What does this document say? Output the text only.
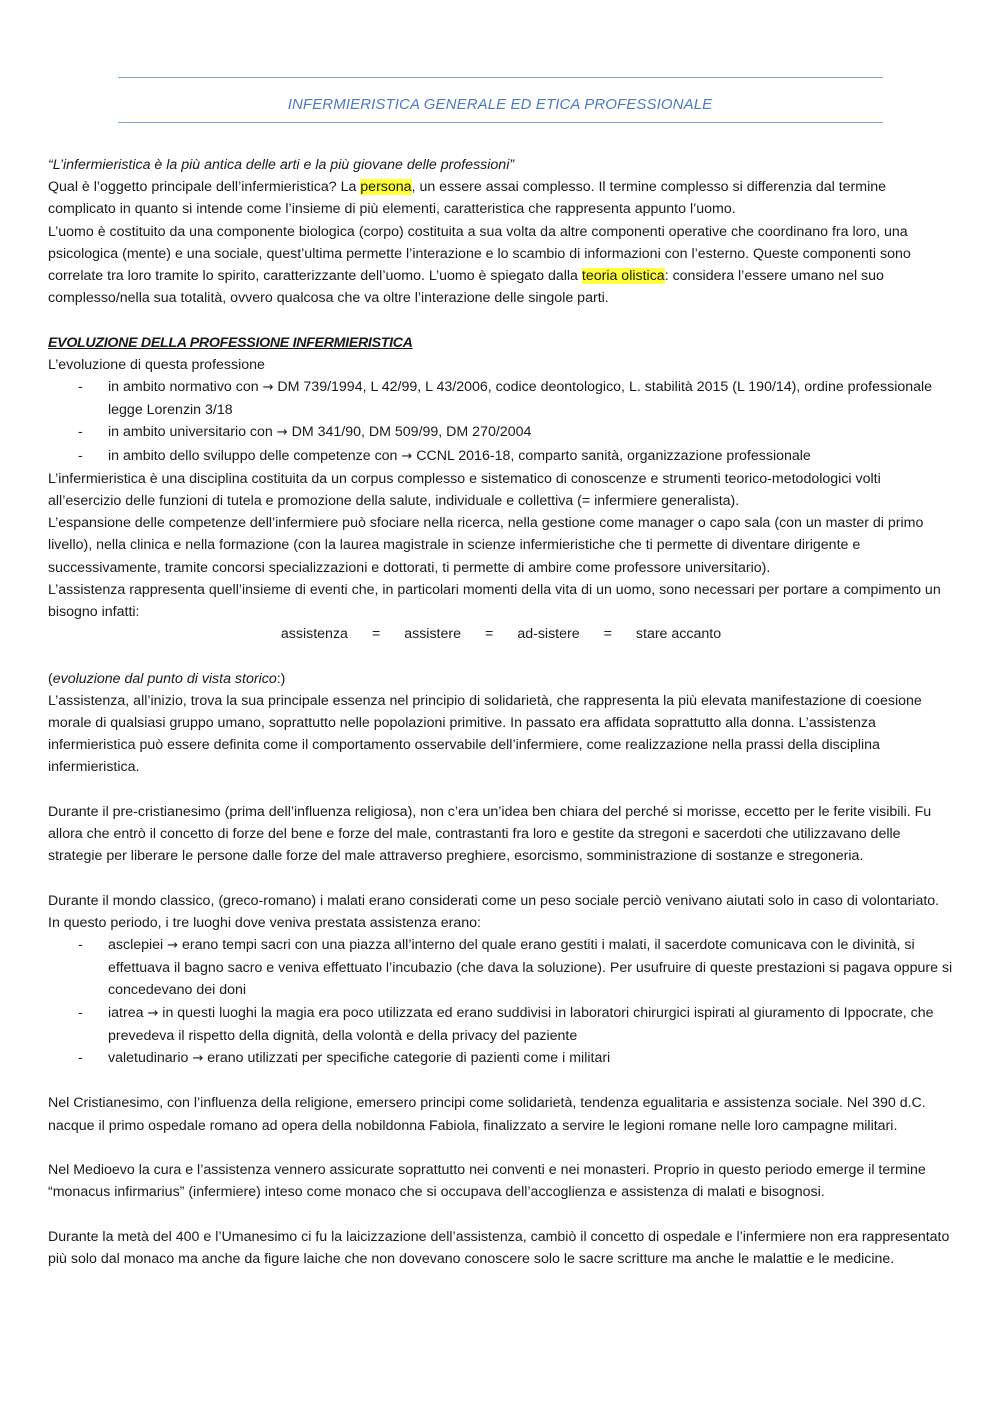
INFERMIERISTICA GENERALE ED ETICA PROFESSIONALE

“L’infermieristica è la più antica delle arti e la più giovane delle professioni”

Qual è l’oggetto principale dell’infermieristica? La persona, un essere assai complesso. Il termine complesso si differenzia dal termine complicato in quanto si intende come l’insieme di più elementi, caratteristica che rappresenta appunto l’uomo.

L’uomo è costituito da una componente biologica (corpo) costituita a sua volta da altre componenti operative che coordinano fra loro, una psicologica (mente) e una sociale, quest’ultima permette l’interazione e lo scambio di informazioni con l’esterno. Queste componenti sono correlate tra loro tramite lo spirito, caratterizzante dell’uomo. L’uomo è spiegato dalla teoria olistica: considera l’essere umano nel suo complesso/nella sua totalità, ovvero qualcosa che va oltre l’interazione delle singole parti.

EVOLUZIONE DELLA PROFESSIONE INFERMIERISTICA

L’evoluzione di questa professione

- in ambito normativo con → DM 739/1994, L 42/99, L 43/2006, codice deontologico, L. stabilità 2015 (L 190/14), ordine professionale legge Lorenzin 3/18
- in ambito universitario con → DM 341/90, DM 509/99, DM 270/2004
- in ambito dello sviluppo delle competenze con → CCNL 2016-18, comparto sanità, organizzazione professionale

L’infermieristica è una disciplina costituita da un corpus complesso e sistematico di conoscenze e strumenti teorico-metodologici volti all’esercizio delle funzioni di tutela e promozione della salute, individuale e collettiva (= infermiere generalista).

L’espansione delle competenze dell’infermiere può sfociare nella ricerca, nella gestione come manager o capo sala (con un master di primo livello), nella clinica e nella formazione (con la laurea magistrale in scienze infermieristiche che ti permette di diventare dirigente e successivamente, tramite concorsi specializzazioni e dottorati, ti permette di ambire come professore universitario).

L’assistenza rappresenta quell’insieme di eventi che, in particolari momenti della vita di un uomo, sono necessari per portare a compimento un bisogno infatti:

assistenza	=	assistere	=	ad-sistere	=	stare accanto

(evoluzione dal punto di vista storico:)

L’assistenza, all’inizio, trova la sua principale essenza nel principio di solidarietà, che rappresenta la più elevata manifestazione di coesione morale di qualsiasi gruppo umano, soprattutto nelle popolazioni primitive. In passato era affidata soprattutto alla donna. L’assistenza infermieristica può essere definita come il comportamento osservabile dell’infermiere, come realizzazione nella prassi della disciplina infermieristica.

Durante il pre-cristianesimo (prima dell’influenza religiosa), non c’era un’idea ben chiara del perché si morisse, eccetto per le ferite visibili. Fu allora che entrò il concetto di forze del bene e forze del male, contrastanti fra loro e gestite da stregoni e sacerdoti che utilizzavano delle strategie per liberare le persone dalle forze del male attraverso preghiere, esorcismo, somministrazione di sostanze e stregoneria.

Durante il mondo classico, (greco-romano) i malati erano considerati come un peso sociale perciò venivano aiutati solo in caso di volontariato. In questo periodo, i tre luoghi dove veniva prestata assistenza erano:

- asclepiei → erano tempi sacri con una piazza all’interno del quale erano gestiti i malati, il sacerdote comunicava con le divinità, si effettuava il bagno sacro e veniva effettuato l’incubazio (che dava la soluzione). Per usufruire di queste prestazioni si pagava oppure si concedevano dei doni
- iatrea → in questi luoghi la magia era poco utilizzata ed erano suddivisi in laboratori chirurgici ispirati al giuramento di Ippocrate, che prevedeva il rispetto della dignità, della volontà e della privacy del paziente
- valetudinario → erano utilizzati per specifiche categorie di pazienti come i militari

Nel Cristianesimo, con l’influenza della religione, emersero principi come solidarietà, tendenza egualitaria e assistenza sociale. Nel 390 d.C. nacque il primo ospedale romano ad opera della nobildonna Fabiola, finalizzato a servire le legioni romane nelle loro campagne militari.

Nel Medioevo la cura e l’assistenza vennero assicurate soprattutto nei conventi e nei monasteri. Proprio in questo periodo emerge il termine “monacus infirmarius” (infermiere) inteso come monaco che si occupava dell’accoglienza e assistenza di malati e bisognosi.

Durante la metà del 400 e l’Umanesimo ci fu la laicizzazione dell’assistenza, cambiò il concetto di ospedale e l’infermiere non era rappresentato più solo dal monaco ma anche da figure laiche che non dovevano conoscere solo le sacre scritture ma anche le malattie e le medicine.
